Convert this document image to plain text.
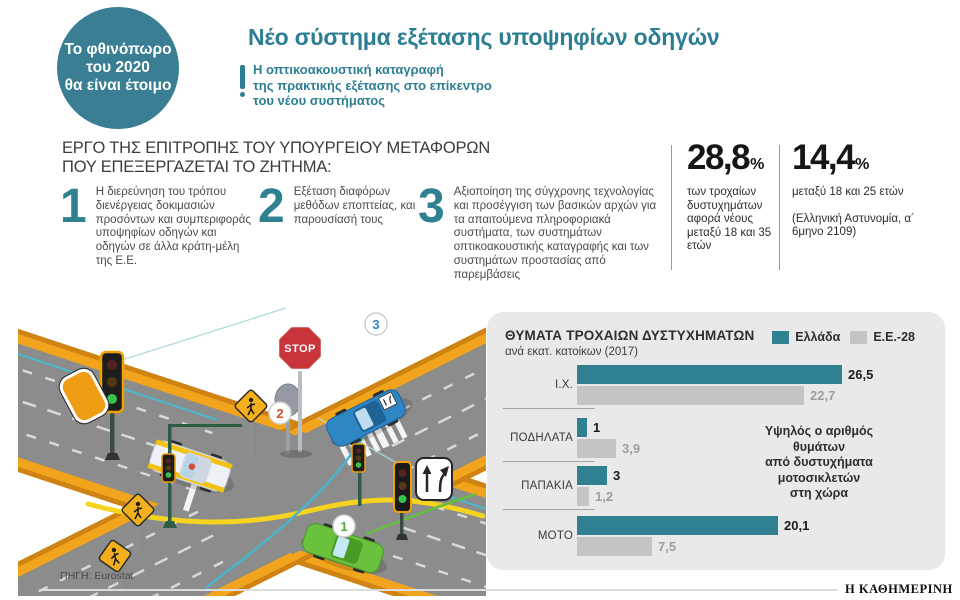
Το φθινόπωρο
του 2020
θα είναι έτοιμο
Νέο σύστημα εξέτασης υποψηφίων οδηγών
Η οπτικοακουστική καταγραφή
της πρακτικής εξέτασης στο επίκεντρο
του νέου συστήματος
ΕΡΓΟ ΤΗΣ ΕΠΙΤΡΟΠΗΣ ΤΟΥ ΥΠΟΥΡΓΕΙΟΥ ΜΕΤΑΦΟΡΩΝ
ΠΟΥ ΕΠΕΞΕΡΓΑΖΕΤΑΙ ΤΟ ΖΗΤΗΜΑ:
1 Η διερεύνηση του τρόπου διενέργειας δοκιμασιών προσόντων και συμπεριφοράς υποψηφίων οδηγών και οδηγών σε άλλα κράτη-μέλη της Ε.Ε.

2 Εξέταση διαφόρων μεθόδων εποπτείας, και παρουσίασή τους 3 Αξιοποίηση της σύγχρονης τεχνολογίας και προσέγγιση των βασικών αρχών για τα απαιτούμενα πληροφοριακά συστήματα, των συστημάτων οπτικοακουστικής καταγραφής και των συστημάτων προστασίας από παρεμβάσεις

28,8%

των τροχαίων δυστυχημάτων αφορά νέους μεταξύ 18 και 35 ετών

14,4%

μεταξύ 18 και 25 ετών

(Ελληνική Αστυνομία, α´ 6μηνο 2109)

STOP
1
2
3
ΘΥΜΑΤΑ ΤΡΟΧΑΙΩΝ ΔΥΣΤΥΧΗΜΑΤΩΝ
ανά εκατ. κατοίκων (2017)
Ελλάδα	Ε.Ε.-28
Ι.Χ.
26,5
22,7
ΠΟΔΗΛΑΤΑ
1
3,9
ΠΑΠΑΚΙΑ
3
1,2
ΜΟΤΟ
20,1
7,5
Υψηλός ο αριθμός
θυμάτων
από δυστυχήματα
μοτοσικλετών
στη χώρα
ΠΗΓΗ: Eurostat
Η ΚΑΘΗΜΕΡΙΝΗ
